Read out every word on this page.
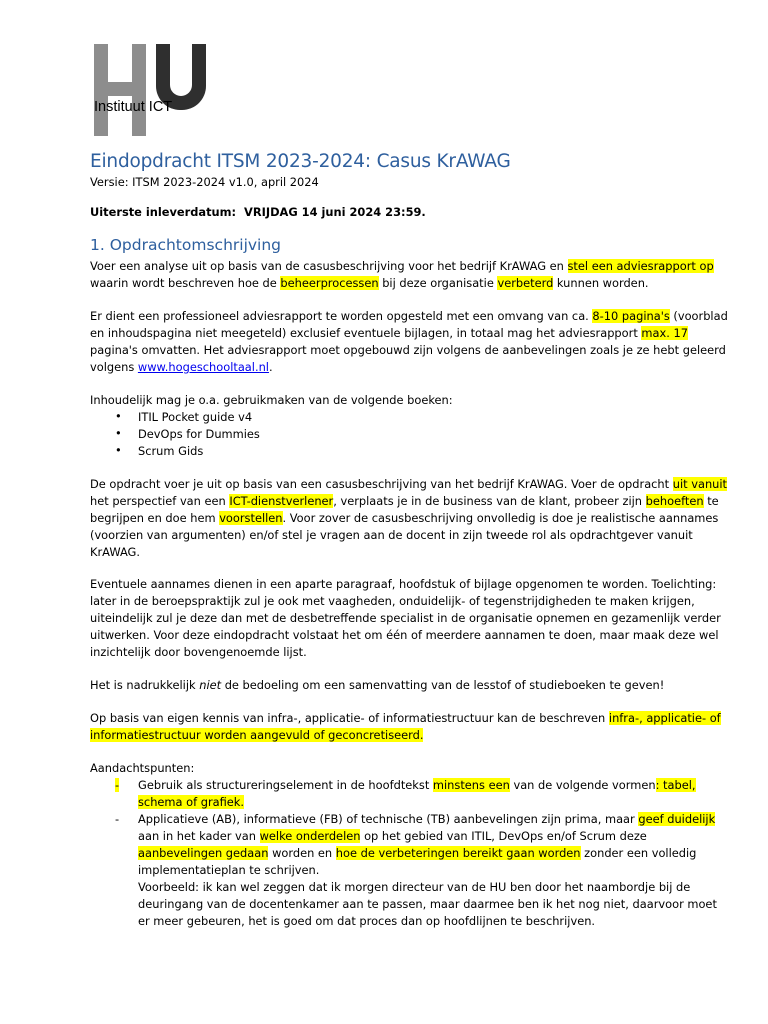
Instituut ICT
Eindopdracht ITSM 2023-2024: Casus KrAWAG
Versie: ITSM 2023-2024 v1.0, april 2024
Uiterste inleverdatum: VRIJDAG 14 juni 2024 23:59.
1. Opdrachtomschrijving
Voer een analyse uit op basis van de casusbeschrijving voor het bedrijf KrAWAG en stel een adviesrapport op
waarin wordt beschreven hoe de beheerprocessen bij deze organisatie verbeterd kunnen worden.
Er dient een professioneel adviesrapport te worden opgesteld met een omvang van ca. 8-10 pagina's (voorblad
en inhoudspagina niet meegeteld) exclusief eventuele bijlagen, in totaal mag het adviesrapport max. 17
pagina's omvatten. Het adviesrapport moet opgebouwd zijn volgens de aanbevelingen zoals je ze hebt geleerd
volgens www.hogeschooltaal.nl.
Inhoudelijk mag je o.a. gebruikmaken van de volgende boeken:
• ITIL Pocket guide v4
• DevOps for Dummies
• Scrum Gids
De opdracht voer je uit op basis van een casusbeschrijving van het bedrijf KrAWAG. Voer de opdracht uit vanuit
het perspectief van een ICT-dienstverlener, verplaats je in de business van de klant, probeer zijn behoeften te
begrijpen en doe hem voorstellen. Voor zover de casusbeschrijving onvolledig is doe je realistische aannames
(voorzien van argumenten) en/of stel je vragen aan de docent in zijn tweede rol als opdrachtgever vanuit
KrAWAG.
Eventuele aannames dienen in een aparte paragraaf, hoofdstuk of bijlage opgenomen te worden. Toelichting:
later in de beroepspraktijk zul je ook met vaagheden, onduidelijk- of tegenstrijdigheden te maken krijgen,
uiteindelijk zul je deze dan met de desbetreffende specialist in de organisatie opnemen en gezamenlijk verder
uitwerken. Voor deze eindopdracht volstaat het om één of meerdere aannamen te doen, maar maak deze wel
inzichtelijk door bovengenoemde lijst.
Het is nadrukkelijk niet de bedoeling om een samenvatting van de lesstof of studieboeken te geven!
Op basis van eigen kennis van infra-, applicatie- of informatiestructuur kan de beschreven infra-, applicatie- of
informatiestructuur worden aangevuld of geconcretiseerd.
Aandachtspunten:
- Gebruik als structureringselement in de hoofdtekst minstens een van de volgende vormen: tabel,
schema of grafiek.
- Applicatieve (AB), informatieve (FB) of technische (TB) aanbevelingen zijn prima, maar geef duidelijk
aan in het kader van welke onderdelen op het gebied van ITIL, DevOps en/of Scrum deze
aanbevelingen gedaan worden en hoe de verbeteringen bereikt gaan worden zonder een volledig
implementatieplan te schrijven.
Voorbeeld: ik kan wel zeggen dat ik morgen directeur van de HU ben door het naambordje bij de
deuringang van de docentenkamer aan te passen, maar daarmee ben ik het nog niet, daarvoor moet
er meer gebeuren, het is goed om dat proces dan op hoofdlijnen te beschrijven.
